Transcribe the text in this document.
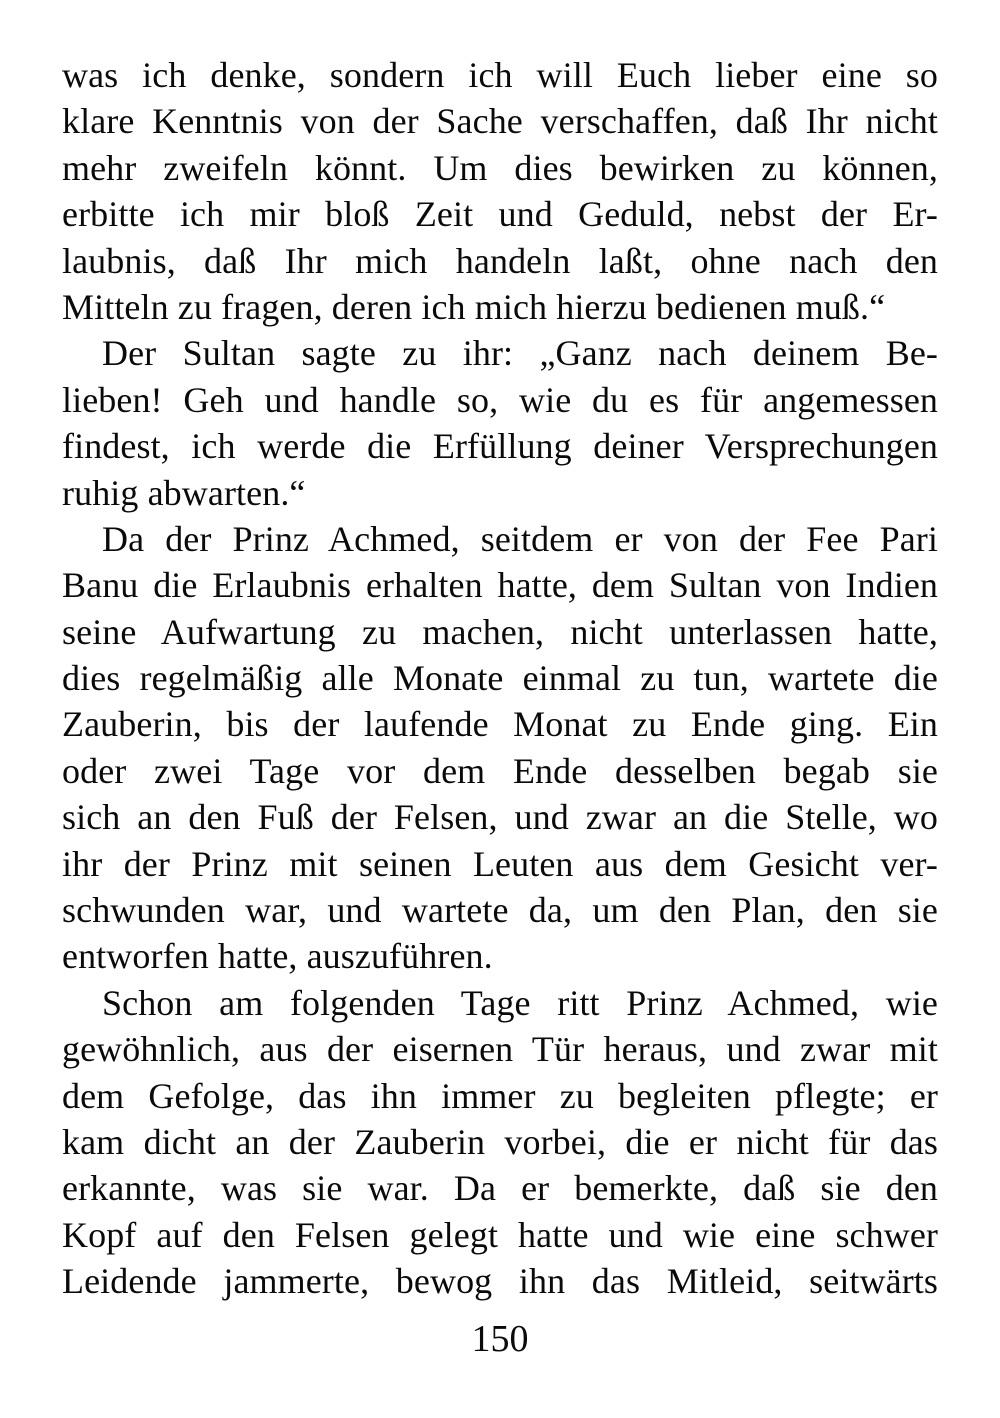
was ich denke, sondern ich will Euch lieber eine so
klare Kenntnis von der Sache verschaffen, daß Ihr nicht
mehr zweifeln könnt. Um dies bewirken zu können,
erbitte ich mir bloß Zeit und Geduld, nebst der Er-
laubnis, daß Ihr mich handeln laßt, ohne nach den
Mitteln zu fragen, deren ich mich hierzu bedienen muß.“
Der Sultan sagte zu ihr: „Ganz nach deinem Be-
lieben! Geh und handle so, wie du es für angemessen
findest, ich werde die Erfüllung deiner Versprechungen
ruhig abwarten.“
Da der Prinz Achmed, seitdem er von der Fee Pari
Banu die Erlaubnis erhalten hatte, dem Sultan von Indien
seine Aufwartung zu machen, nicht unterlassen hatte,
dies regelmäßig alle Monate einmal zu tun, wartete die
Zauberin, bis der laufende Monat zu Ende ging. Ein
oder zwei Tage vor dem Ende desselben begab sie
sich an den Fuß der Felsen, und zwar an die Stelle, wo
ihr der Prinz mit seinen Leuten aus dem Gesicht ver-
schwunden war, und wartete da, um den Plan, den sie
entworfen hatte, auszuführen.
Schon am folgenden Tage ritt Prinz Achmed, wie
gewöhnlich, aus der eisernen Tür heraus, und zwar mit
dem Gefolge, das ihn immer zu begleiten pflegte; er
kam dicht an der Zauberin vorbei, die er nicht für das
erkannte, was sie war. Da er bemerkte, daß sie den
Kopf auf den Felsen gelegt hatte und wie eine schwer
Leidende jammerte, bewog ihn das Mitleid, seitwärts
150
